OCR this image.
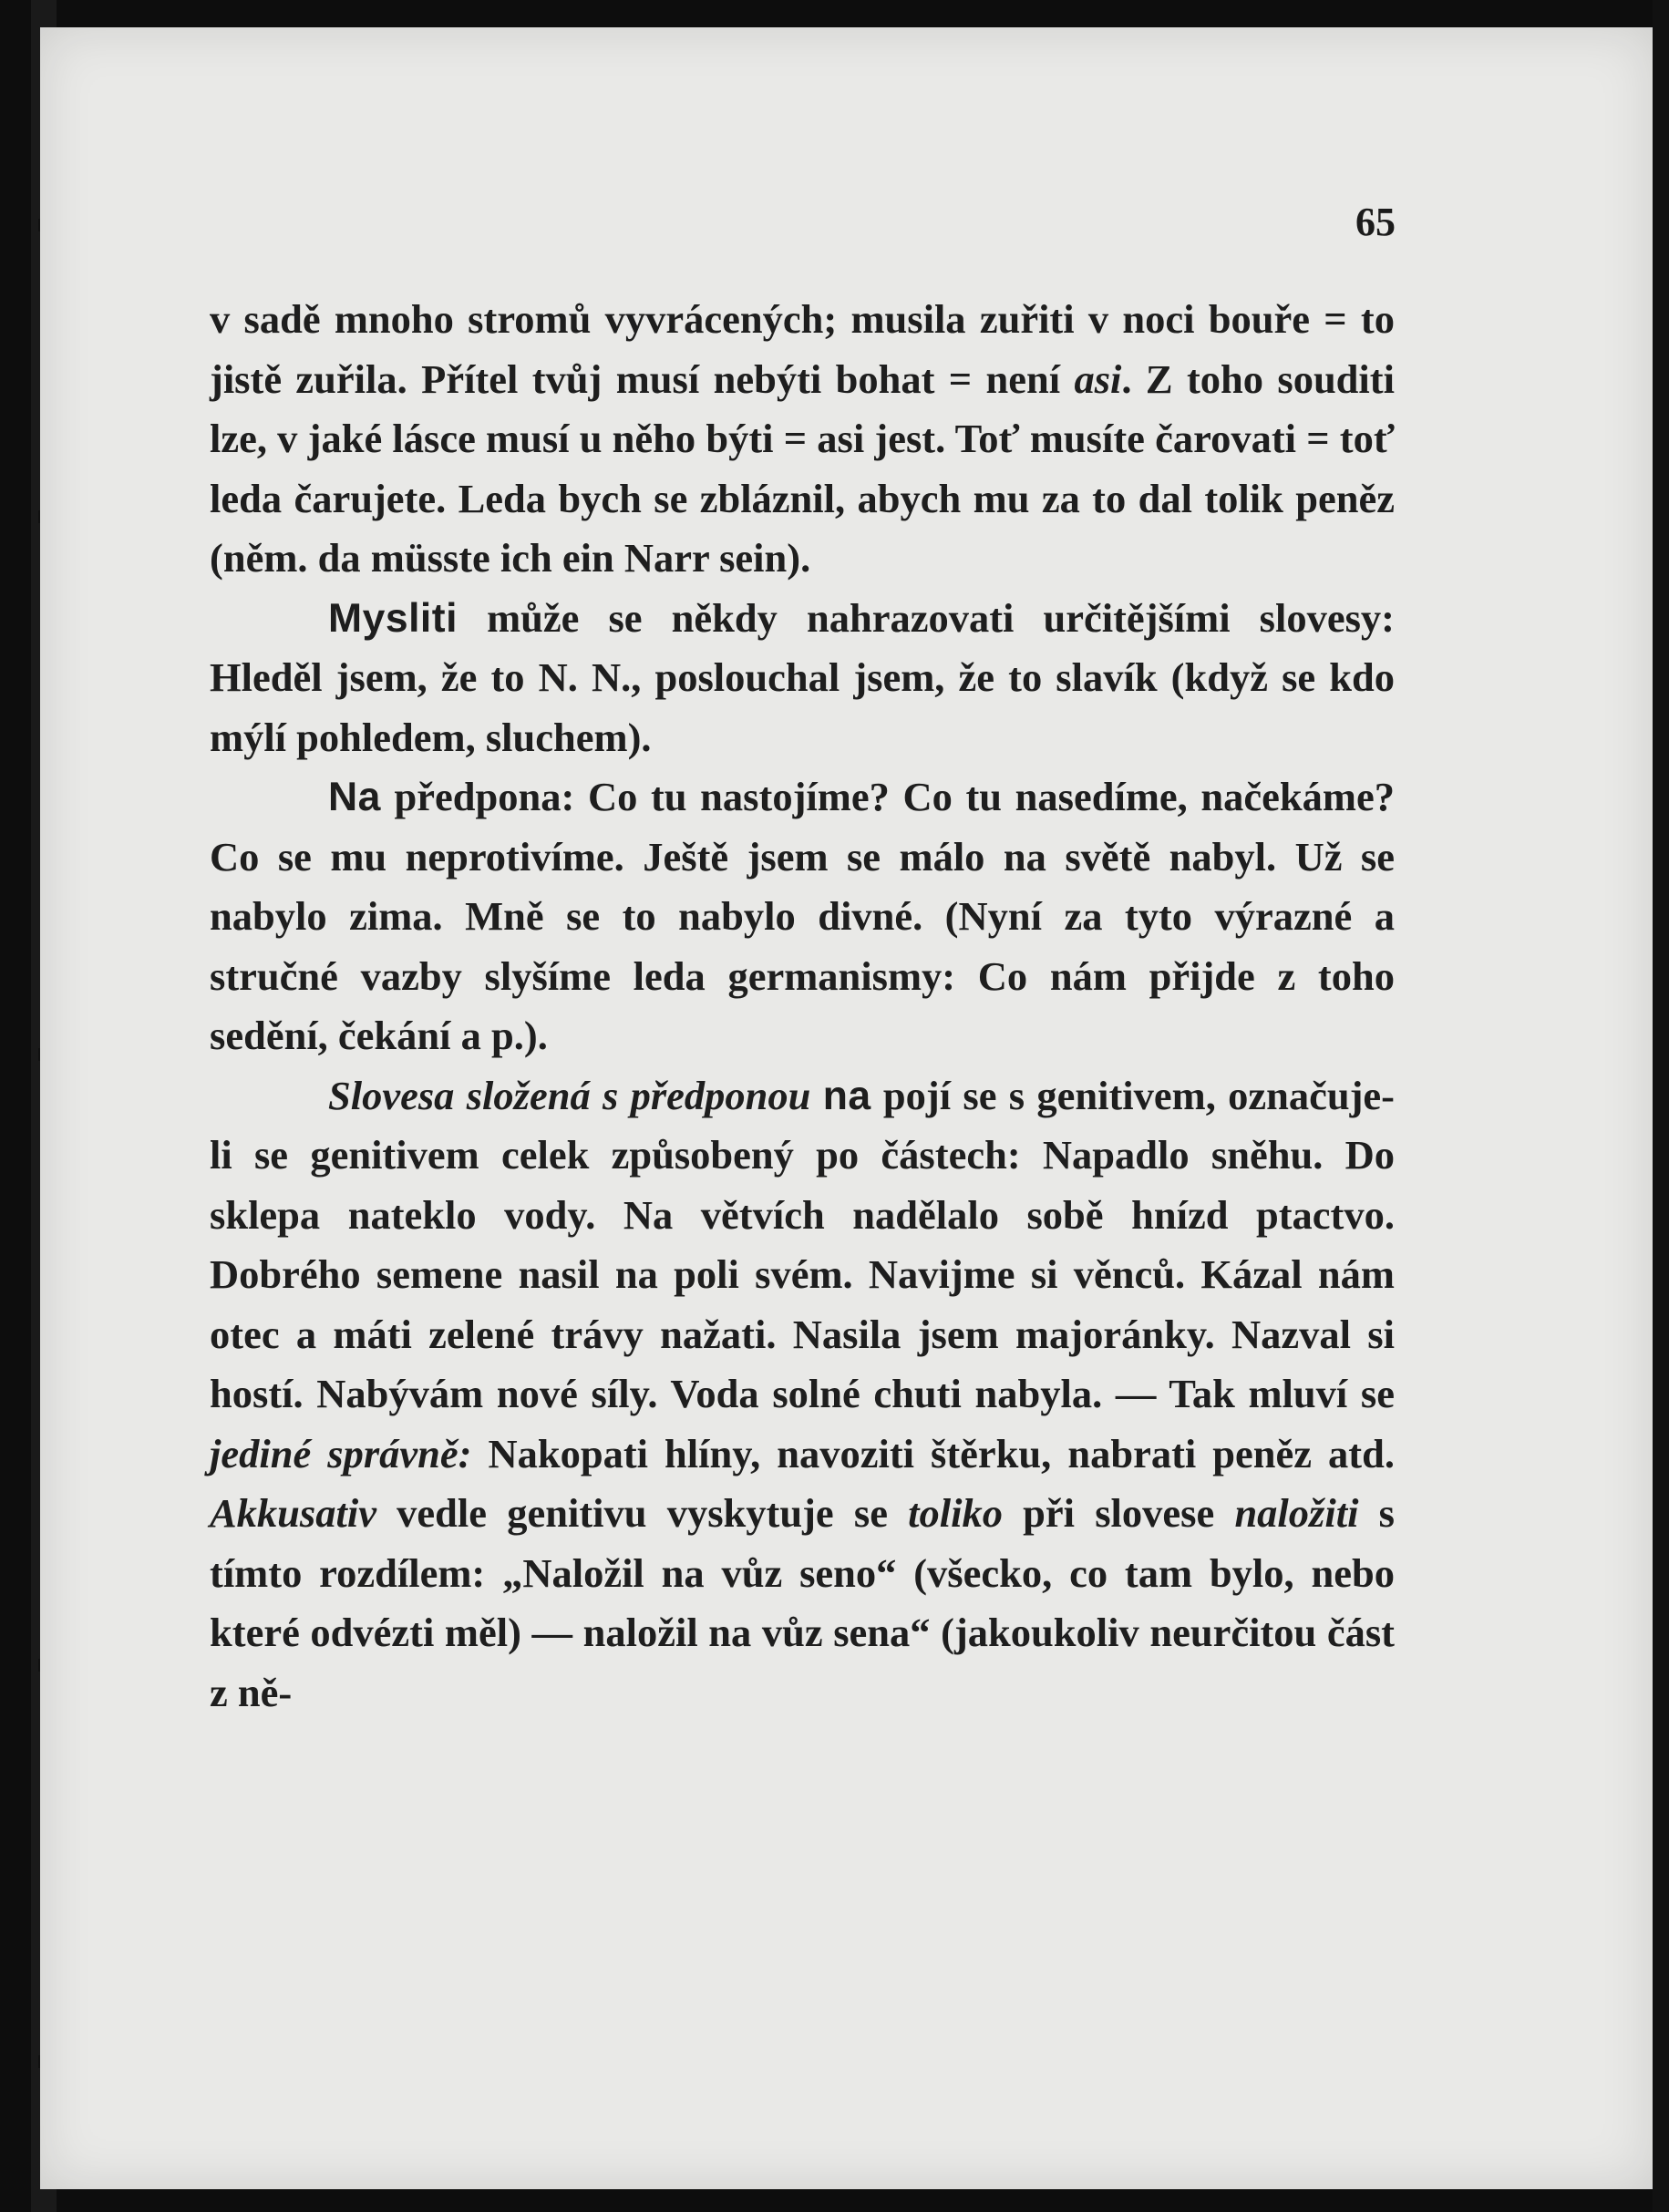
65

v sadě mnoho stromů vyvrácených; musila zuřiti v noci bouře = to jistě zuřila. Přítel tvůj musí nebýti bohat = není asi. Z toho souditi lze, v jaké lásce musí u něho býti = asi jest. Toť musíte čarovati = toť leda čarujete. Leda bych se zbláznil, abych mu za to dal tolik peněz (něm. da müsste ich ein Narr sein).

Mysliti může se někdy nahrazovati určitějšími slovesy: Hleděl jsem, že to N. N., poslouchal jsem, že to slavík (když se kdo mýlí pohledem, sluchem).

Na předpona: Co tu nastojíme? Co tu nasedíme, načekáme? Co se mu neprotivíme. Ještě jsem se málo na světě nabyl. Už se nabylo zima. Mně se to nabylo divné. (Nyní za tyto výrazné a stručné vazby slyšíme leda germanismy: Co nám přijde z toho sedění, čekání a p.).

Slovesa složená s předponou na pojí se s genitivem, označuje-li se genitivem celek způsobený po částech: Napadlo sněhu. Do sklepa nateklo vody. Na větvích nadělalo sobě hnízd ptactvo. Dobrého semene nasil na poli svém. Navijme si věnců. Kázal nám otec a máti zelené trávy nažati. Nasila jsem majoránky. Nazval si hostí. Nabývám nové síly. Voda solné chuti nabyla. — Tak mluví se jediné správně: Nakopati hlíny, navoziti štěrku, nabrati peněz atd. Akkusativ vedle genitivu vyskytuje se toliko při slovese naložiti s tímto rozdílem: „Naložil na vůz seno“ (všecko, co tam bylo, nebo které odvézti měl) — naložil na vůz sena“ (jakoukoliv neurčitou část z ně-
